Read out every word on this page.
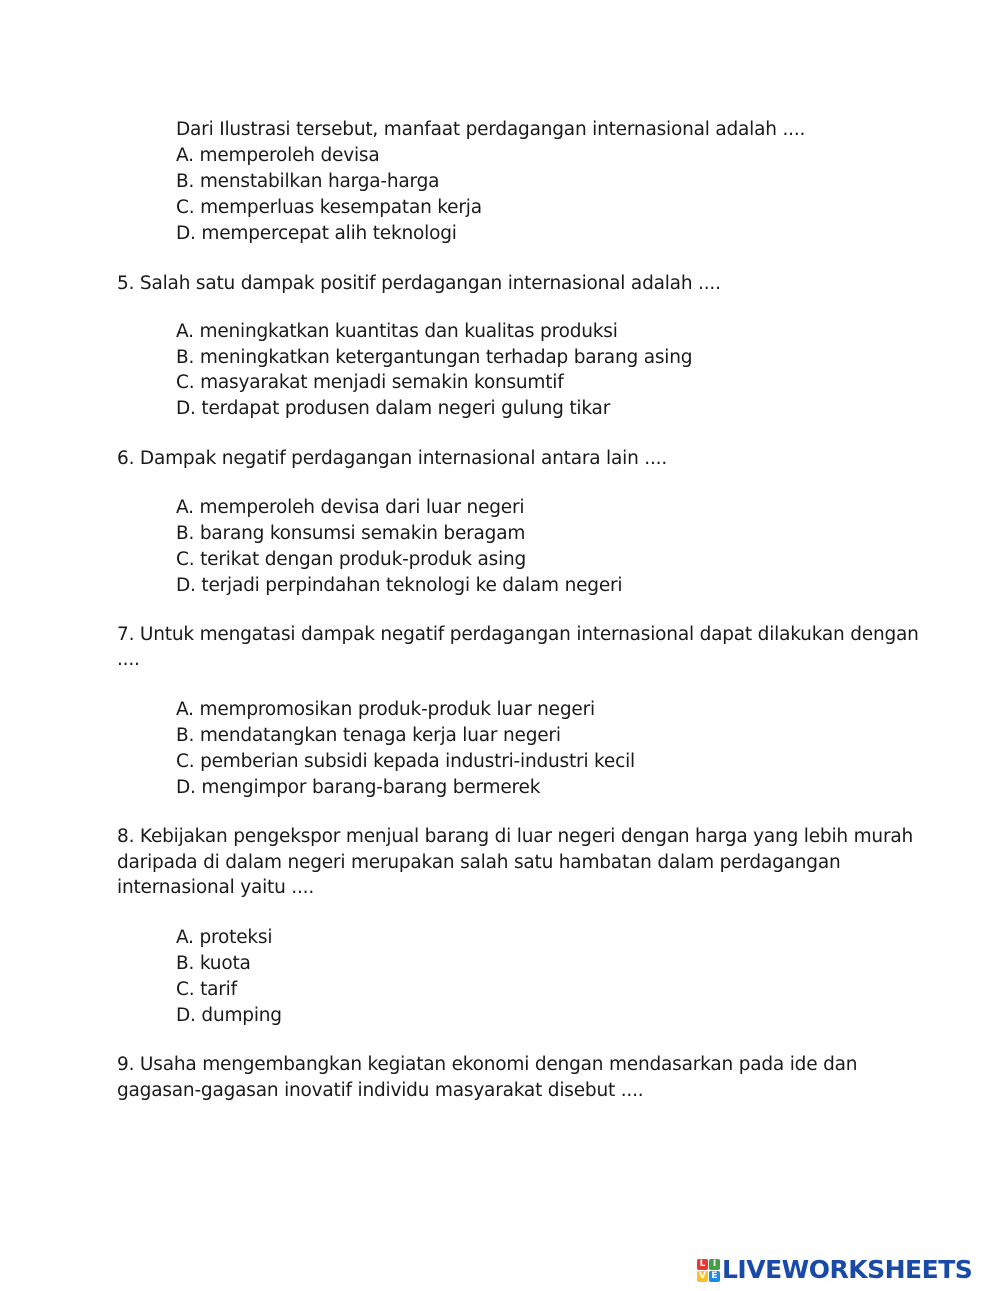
Dari Ilustrasi tersebut, manfaat perdagangan internasional adalah ....
A. memperoleh devisa
B. menstabilkan harga-harga
C. memperluas kesempatan kerja
D. mempercepat alih teknologi
5. Salah satu dampak positif perdagangan internasional adalah ....
A. meningkatkan kuantitas dan kualitas produksi
B. meningkatkan ketergantungan terhadap barang asing
C. masyarakat menjadi semakin konsumtif
D. terdapat produsen dalam negeri gulung tikar
6. Dampak negatif perdagangan internasional antara lain ....
A. memperoleh devisa dari luar negeri
B. barang konsumsi semakin beragam
C. terikat dengan produk-produk asing
D. terjadi perpindahan teknologi ke dalam negeri
7. Untuk mengatasi dampak negatif perdagangan internasional dapat dilakukan dengan
....
A. mempromosikan produk-produk luar negeri
B. mendatangkan tenaga kerja luar negeri
C. pemberian subsidi kepada industri-industri kecil
D. mengimpor barang-barang bermerek
8. Kebijakan pengekspor menjual barang di luar negeri dengan harga yang lebih murah
daripada di dalam negeri merupakan salah satu hambatan dalam perdagangan
internasional yaitu ....
A. proteksi
B. kuota
C. tarif
D. dumping
9. Usaha mengembangkan kegiatan ekonomi dengan mendasarkan pada ide dan
gagasan-gagasan inovatif individu masyarakat disebut ....
L I
V E LIVEWORKSHEETS
